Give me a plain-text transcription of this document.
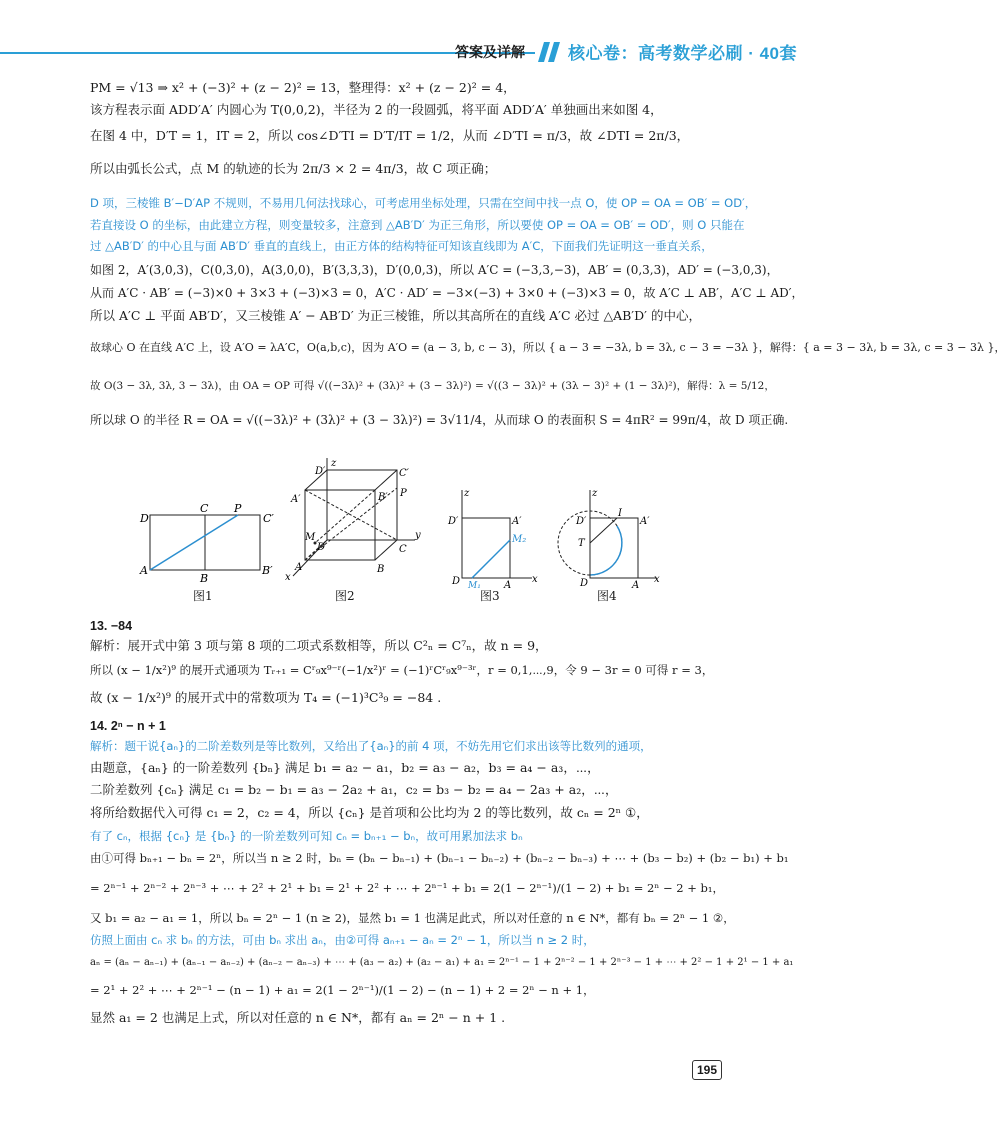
答案及详解	核心卷：高考数学必刷 · 40套
PM = √13 ⇒ x² + (−3)² + (z − 2)² = 13，整理得：x² + (z − 2)² = 4，
该方程表示面 ADD′A′ 内圆心为 T(0,0,2)，半径为 2 的一段圆弧，将平面 ADD′A′ 单独画出来如图 4，
在图 4 中，D′T = 1，IT = 2，所以 cos∠D′TI = D′T/IT = 1/2，从而 ∠D′TI = π/3，故 ∠DTI = 2π/3，
所以由弧长公式，点 M 的轨迹的长为 2π/3 × 2 = 4π/3，故 C 项正确；
D 项，三棱锥 B′−D′AP 不规则，不易用几何法找球心，可考虑用坐标处理，只需在空间中找一点 O，使 OP = OA = OB′ = OD′，
若直接设 O 的坐标，由此建立方程，则变量较多，注意到 △AB′D′ 为正三角形，所以要使 OP = OA = OB′ = OD′，则 O 只能在
过 △AB′D′ 的中心且与面 AB′D′ 垂直的直线上，由正方体的结构特征可知该直线即为 A′C，下面我们先证明这一垂直关系，
如图 2，A′(3,0,3)，C(0,3,0)，A(3,0,0)，B′(3,3,3)，D′(0,0,3)，所以 A′C = (−3,3,−3)，AB′ = (0,3,3)，AD′ = (−3,0,3)，
从而 A′C · AB′ = (−3)×0 + 3×3 + (−3)×3 = 0，A′C · AD′ = −3×(−3) + 3×0 + (−3)×3 = 0，故 A′C ⊥ AB′，A′C ⊥ AD′，
所以 A′C ⊥ 平面 AB′D′，又三棱锥 A′ − AB′D′ 为正三棱锥，所以其高所在的直线 A′C 必过 △AB′D′ 的中心，
故球心 O 在直线 A′C 上，设 A′O = λA′C，O(a,b,c)，因为 A′O = (a − 3, b, c − 3)，所以 { a − 3 = −3λ, b = 3λ, c − 3 = −3λ }，解得：{ a = 3 − 3λ, b = 3λ, c = 3 − 3λ }，
故 O(3 − 3λ, 3λ, 3 − 3λ)，由 OA = OP 可得 √((−3λ)² + (3λ)² + (3 − 3λ)²) = √((3 − 3λ)² + (3λ − 3)² + (1 − 3λ)²)，解得：λ = 5/12，
所以球 O 的半径 R = OA = √((−3λ)² + (3λ)² + (3 − 3λ)²) = 3√11/4，从而球 O 的表面积 S = 4πR² = 99π/4，故 D 项正确.
D
C P
C′
A
B
B′
图1
D′	C′
A′	B′ P
M
D	C
A	B
z
y
x
图2
z
D′	A′
M₂
D M₁ A
x
图3
z
D′
I
A′
T
D	A
x
图4
13. −84
解析：展开式中第 3 项与第 8 项的二项式系数相等，所以 C²ₙ = C⁷ₙ，故 n = 9，
所以 (x − 1/x²)⁹ 的展开式通项为 Tᵣ₊₁ = Cʳ₉x⁹⁻ʳ(−1/x²)ʳ = (−1)ʳCʳ₉x⁹⁻³ʳ，r = 0,1,⋯,9，令 9 − 3r = 0 可得 r = 3，
故 (x − 1/x²)⁹ 的展开式中的常数项为 T₄ = (−1)³C³₉ = −84 .
14. 2ⁿ − n + 1
解析：题干说{aₙ}的二阶差数列是等比数列，又给出了{aₙ}的前 4 项，不妨先用它们求出该等比数列的通项，
由题意，{aₙ} 的一阶差数列 {bₙ} 满足 b₁ = a₂ − a₁，b₂ = a₃ − a₂，b₃ = a₄ − a₃，⋯，
二阶差数列 {cₙ} 满足 c₁ = b₂ − b₁ = a₃ − 2a₂ + a₁，c₂ = b₃ − b₂ = a₄ − 2a₃ + a₂，⋯，
将所给数据代入可得 c₁ = 2，c₂ = 4，所以 {cₙ} 是首项和公比均为 2 的等比数列，故 cₙ = 2ⁿ ①，
有了 cₙ，根据 {cₙ} 是 {bₙ} 的一阶差数列可知 cₙ = bₙ₊₁ − bₙ，故可用累加法求 bₙ
由①可得 bₙ₊₁ − bₙ = 2ⁿ，所以当 n ≥ 2 时，bₙ = (bₙ − bₙ₋₁) + (bₙ₋₁ − bₙ₋₂) + (bₙ₋₂ − bₙ₋₃) + ⋯ + (b₃ − b₂) + (b₂ − b₁) + b₁
= 2ⁿ⁻¹ + 2ⁿ⁻² + 2ⁿ⁻³ + ⋯ + 2² + 2¹ + b₁ = 2¹ + 2² + ⋯ + 2ⁿ⁻¹ + b₁ = 2(1 − 2ⁿ⁻¹)/(1 − 2) + b₁ = 2ⁿ − 2 + b₁，
又 b₁ = a₂ − a₁ = 1，所以 bₙ = 2ⁿ − 1 (n ≥ 2)，显然 b₁ = 1 也满足此式，所以对任意的 n ∈ N*，都有 bₙ = 2ⁿ − 1 ②，
仿照上面由 cₙ 求 bₙ 的方法，可由 bₙ 求出 aₙ，由②可得 aₙ₊₁ − aₙ = 2ⁿ − 1，所以当 n ≥ 2 时，
aₙ = (aₙ − aₙ₋₁) + (aₙ₋₁ − aₙ₋₂) + (aₙ₋₂ − aₙ₋₃) + ⋯ + (a₃ − a₂) + (a₂ − a₁) + a₁ = 2ⁿ⁻¹ − 1 + 2ⁿ⁻² − 1 + 2ⁿ⁻³ − 1 + ⋯ + 2² − 1 + 2¹ − 1 + a₁
= 2¹ + 2² + ⋯ + 2ⁿ⁻¹ − (n − 1) + a₁ = 2(1 − 2ⁿ⁻¹)/(1 − 2) − (n − 1) + 2 = 2ⁿ − n + 1，
显然 a₁ = 2 也满足上式，所以对任意的 n ∈ N*，都有 aₙ = 2ⁿ − n + 1 .
195
